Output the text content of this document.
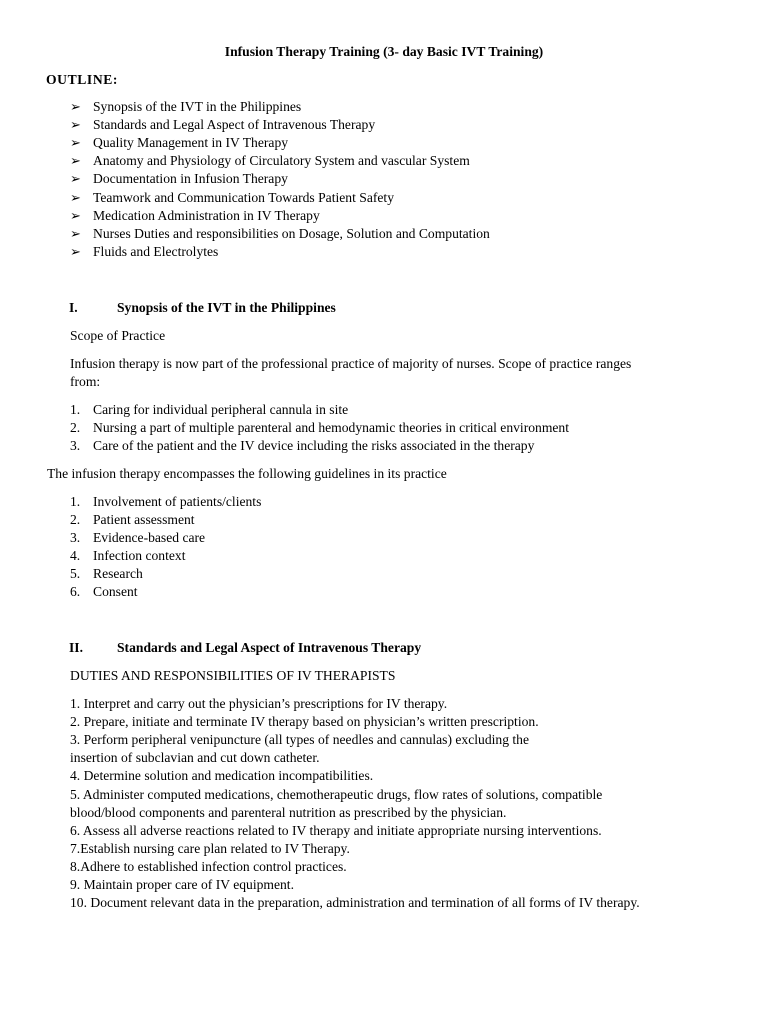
Infusion Therapy Training (3- day Basic IVT Training)
OUTLINE:
➢ Synopsis of the IVT in the Philippines
➢ Standards and Legal Aspect of Intravenous Therapy
➢ Quality Management in IV Therapy
➢ Anatomy and Physiology of Circulatory System and vascular System
➢ Documentation in Infusion Therapy
➢ Teamwork and Communication Towards Patient Safety
➢ Medication Administration in IV Therapy
➢ Nurses Duties and responsibilities on Dosage, Solution and Computation
➢ Fluids and Electrolytes
I.	Synopsis of the IVT in the Philippines
Scope of Practice
Infusion therapy is now part of the professional practice of majority of nurses. Scope of practice ranges
from:
1. Caring for individual peripheral cannula in site
2. Nursing a part of multiple parenteral and hemodynamic theories in critical environment
3. Care of the patient and the IV device including the risks associated in the therapy
The infusion therapy encompasses the following guidelines in its practice
1. Involvement of patients/clients
2. Patient assessment
3. Evidence-based care
4. Infection context
5. Research
6. Consent
II.	Standards and Legal Aspect of Intravenous Therapy
DUTIES AND RESPONSIBILITIES OF IV THERAPISTS
1. Interpret and carry out the physician’s prescriptions for IV therapy.
2. Prepare, initiate and terminate IV therapy based on physician’s written prescription.
3. Perform peripheral venipuncture (all types of needles and cannulas) excluding the
insertion of subclavian and cut down catheter.
4. Determine solution and medication incompatibilities.
5. Administer computed medications, chemotherapeutic drugs, flow rates of solutions, compatible
blood/blood components and parenteral nutrition as prescribed by the physician.
6. Assess all adverse reactions related to IV therapy and initiate appropriate nursing interventions.
7.Establish nursing care plan related to IV Therapy.
8.Adhere to established infection control practices.
9. Maintain proper care of IV equipment.
10. Document relevant data in the preparation, administration and termination of all forms of IV therapy.
